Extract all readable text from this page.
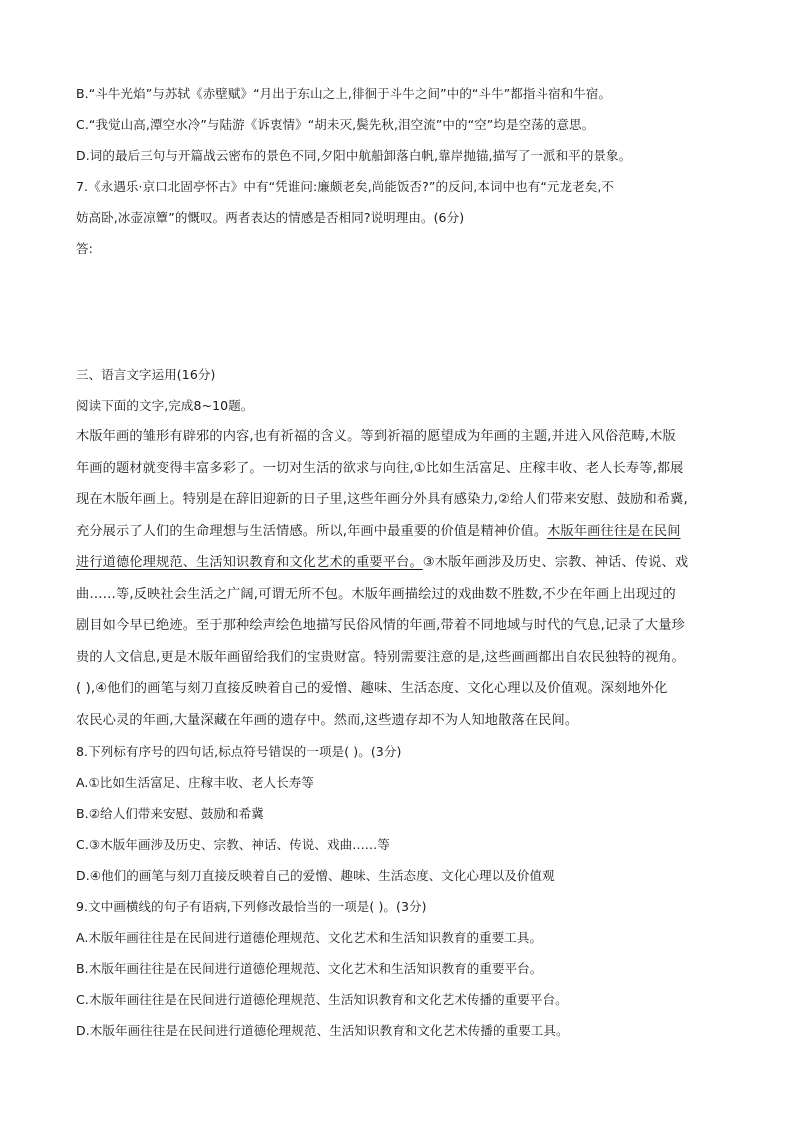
B.“斗牛光焰”与苏轼《赤壁赋》“月出于东山之上,徘徊于斗牛之间”中的“斗牛”都指斗宿和牛宿。
C.“我觉山高,潭空水冷”与陆游《诉衷情》“胡未灭,鬓先秋,泪空流”中的“空”均是空荡的意思。
D.词的最后三句与开篇战云密布的景色不同,夕阳中航船卸落白帆,靠岸抛锚,描写了一派和平的景象。
7.《永遇乐·京口北固亭怀古》中有“凭谁问:廉颇老矣,尚能饭否?”的反问,本词中也有“元龙老矣,不
妨高卧,冰壶凉簟”的慨叹。两者表达的情感是否相同?说明理由。(6分)
答:
三、语言文字运用(16分)
阅读下面的文字,完成8~10题。
木版年画的雏形有辟邪的内容,也有祈福的含义。等到祈福的愿望成为年画的主题,并进入风俗范畴,木版
年画的题材就变得丰富多彩了。一切对生活的欲求与向往,①比如生活富足、庄稼丰收、老人长寿等,都展
现在木版年画上。特别是在辞旧迎新的日子里,这些年画分外具有感染力,②给人们带来安慰、鼓励和希冀,
充分展示了人们的生命理想与生活情感。所以,年画中最重要的价值是精神价值。木版年画往往是在民间
进行道德伦理规范、生活知识教育和文化艺术的重要平台。③木版年画涉及历史、宗教、神话、传说、戏
曲……等,反映社会生活之广阔,可谓无所不包。木版年画描绘过的戏曲数不胜数,不少在年画上出现过的
剧目如今早已绝迹。至于那种绘声绘色地描写民俗风情的年画,带着不同地域与时代的气息,记录了大量珍
贵的人文信息,更是木版年画留给我们的宝贵财富。特别需要注意的是,这些画画都出自农民独特的视角。
( ),④他们的画笔与刻刀直接反映着自己的爱憎、趣味、生活态度、文化心理以及价值观。深刻地外化
农民心灵的年画,大量深藏在年画的遗存中。然而,这些遗存却不为人知地散落在民间。
8.下列标有序号的四句话,标点符号错误的一项是( )。(3分)
A.①比如生活富足、庄稼丰收、老人长寿等
B.②给人们带来安慰、鼓励和希冀
C.③木版年画涉及历史、宗教、神话、传说、戏曲……等
D.④他们的画笔与刻刀直接反映着自己的爱憎、趣味、生活态度、文化心理以及价值观
9.文中画横线的句子有语病,下列修改最恰当的一项是( )。(3分)
A.木版年画往往是在民间进行道德伦理规范、文化艺术和生活知识教育的重要工具。
B.木版年画往往是在民间进行道德伦理规范、文化艺术和生活知识教育的重要平台。
C.木版年画往往是在民间进行道德伦理规范、生活知识教育和文化艺术传播的重要平台。
D.木版年画往往是在民间进行道德伦理规范、生活知识教育和文化艺术传播的重要工具。
